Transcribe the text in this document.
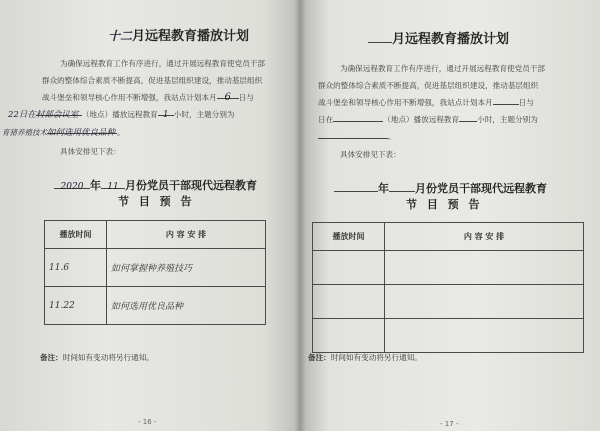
十二月远程教育播放计划
为确保远程教育工作有序进行，通过开展远程教育使党员干部
群众的整体综合素质不断提高，促进基层组织建设，推动基层组织
战斗堡垒和领导核心作用不断增强，我站点计划本月 6 日与
22日在村部会议室 （地点）播放远程教育 1 小时，主题分别为
育猪养殖技术如何选用优良品种 。
具体安排见下表：
2020 年 11 月份党员干部现代远程教育
节 目 预 告
播放时间	内 容 安 排
11.6	如何掌握种养殖技巧
11.22	如何选用优良品种
备注：时间如有变动将另行通知。
- 16 -
月远程教育播放计划
为确保远程教育工作有序进行，通过开展远程教育使党员干部
群众的整体综合素质不断提高，促进基层组织建设，推动基层组织
战斗堡垒和领导核心作用不断增强，我站点计划本月	日与
日在	（地点）播放远程教育 小时，主题分别为
。
具体安排见下表：
年 月份党员干部现代远程教育
节 目 预 告
播放时间	内 容 安 排

备注：时间如有变动将另行通知。
- 17 -
